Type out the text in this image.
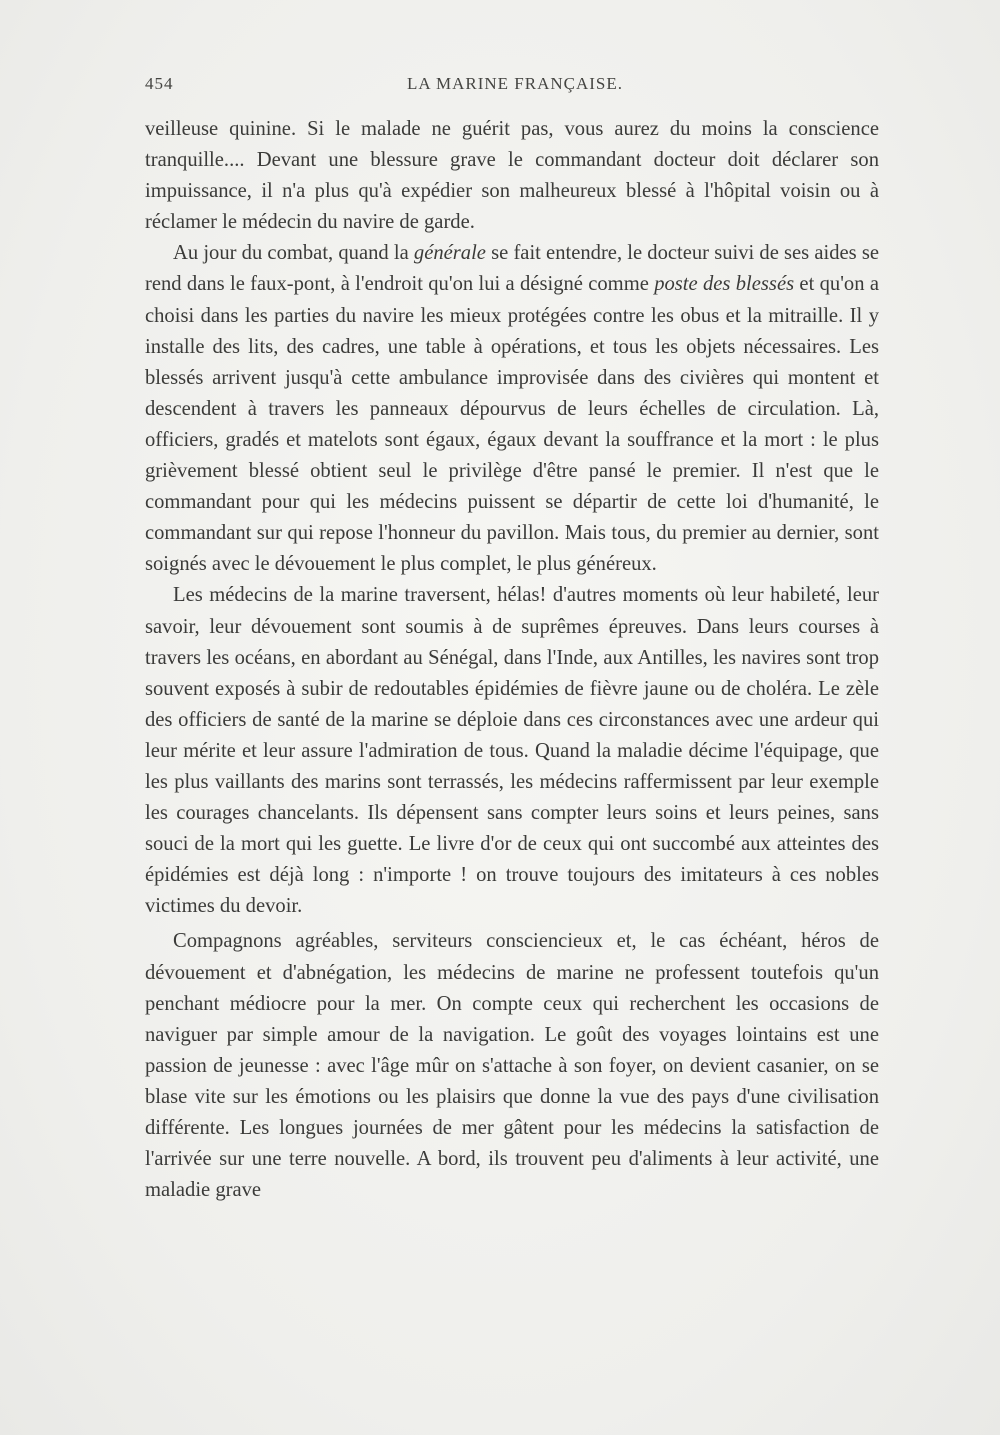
454	LA MARINE FRANÇAISE.

veilleuse quinine. Si le malade ne guérit pas, vous aurez du moins la conscience tranquille.... Devant une blessure grave le commandant docteur doit déclarer son impuissance, il n'a plus qu'à expédier son malheureux blessé à l'hôpital voisin ou à réclamer le médecin du navire de garde.

Au jour du combat, quand la générale se fait entendre, le docteur suivi de ses aides se rend dans le faux-pont, à l'endroit qu'on lui a désigné comme poste des blessés et qu'on a choisi dans les parties du navire les mieux protégées contre les obus et la mitraille. Il y installe des lits, des cadres, une table à opérations, et tous les objets nécessaires. Les blessés arrivent jusqu'à cette ambulance improvisée dans des civières qui montent et descendent à travers les panneaux dépourvus de leurs échelles de circulation. Là, officiers, gradés et matelots sont égaux, égaux devant la souffrance et la mort : le plus grièvement blessé obtient seul le privilège d'être pansé le premier. Il n'est que le commandant pour qui les médecins puissent se départir de cette loi d'humanité, le commandant sur qui repose l'honneur du pavillon. Mais tous, du premier au dernier, sont soignés avec le dévouement le plus complet, le plus généreux.

Les médecins de la marine traversent, hélas! d'autres moments où leur habileté, leur savoir, leur dévouement sont soumis à de suprêmes épreuves. Dans leurs courses à travers les océans, en abordant au Sénégal, dans l'Inde, aux Antilles, les navires sont trop souvent exposés à subir de redoutables épidémies de fièvre jaune ou de choléra. Le zèle des officiers de santé de la marine se déploie dans ces circonstances avec une ardeur qui leur mérite et leur assure l'admiration de tous. Quand la maladie décime l'équipage, que les plus vaillants des marins sont terrassés, les médecins raffermissent par leur exemple les courages chancelants. Ils dépensent sans compter leurs soins et leurs peines, sans souci de la mort qui les guette. Le livre d'or de ceux qui ont succombé aux atteintes des épidémies est déjà long : n'importe ! on trouve toujours des imitateurs à ces nobles victimes du devoir.

Compagnons agréables, serviteurs consciencieux et, le cas échéant, héros de dévouement et d'abnégation, les médecins de marine ne professent toutefois qu'un penchant médiocre pour la mer. On compte ceux qui recherchent les occasions de naviguer par simple amour de la navigation. Le goût des voyages lointains est une passion de jeunesse : avec l'âge mûr on s'attache à son foyer, on devient casanier, on se blase vite sur les émotions ou les plaisirs que donne la vue des pays d'une civilisation différente. Les longues journées de mer gâtent pour les médecins la satisfaction de l'arrivée sur une terre nouvelle. A bord, ils trouvent peu d'aliments à leur activité, une maladie grave
